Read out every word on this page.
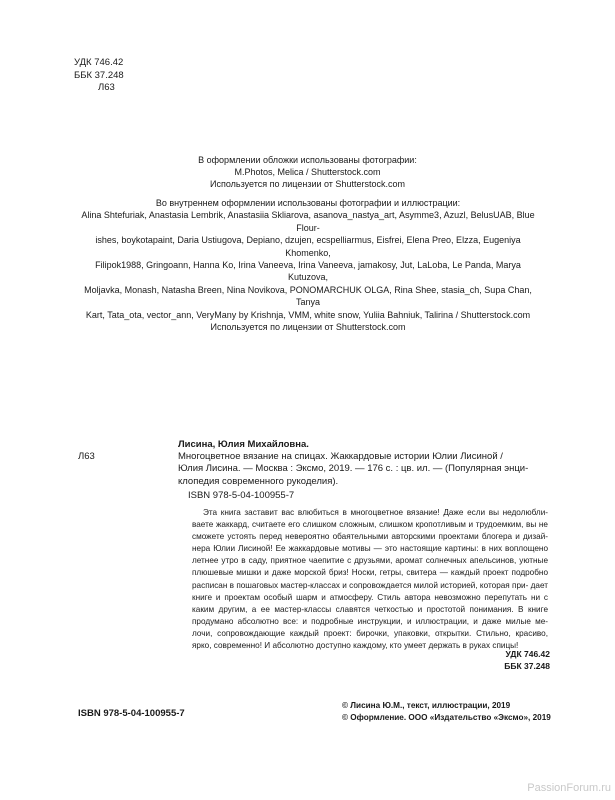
УДК 746.42
ББК 37.248
Л63
В оформлении обложки использованы фотографии:
M.Photos, Melica / Shutterstock.com
Используется по лицензии от Shutterstock.com
Во внутреннем оформлении использованы фотографии и иллюстрации:
Alina Shtefuriak, Anastasia Lembrik, Anastasiia Skliarova, asanova_nastya_art, Asymme3, Azuzl, BelusUAB, Blue Flour-
ishes, boykotapaint, Daria Ustiugova, Depiano, dzujen, ecspelliarmus, Eisfrei, Elena Preo, Elzza, Eugeniya Khomenko,
Filipok1988, Gringoann, Hanna Ko, Irina Vaneeva, Irina Vaneeva, jamakosy, Jut, LaLoba, Le Panda, Marya Kutuzova,
Moljavka, Monash, Natasha Breen, Nina Novikova, PONOMARCHUK OLGA, Rina Shee, stasia_ch, Supa Chan, Tanya
Kart, Tata_ota, vector_ann, VeryMany by Krishnja, VMM, white snow, Yuliia Bahniuk, Talirina / Shutterstock.com
Используется по лицензии от Shutterstock.com
Лисина, Юлия Михайловна.
Л63	Многоцветное вязание на спицах. Жаккардовые истории Юлии Лисиной /
Юлия Лисина. — Москва : Эксмо, 2019. — 176 с. : цв. ил. — (Популярная энци-
клопедия современного рукоделия).
ISBN 978-5-04-100955-7
Эта книга заставит вас влюбиться в многоцветное вязание! Даже если вы недолюбли- ваете жаккард, считаете его слишком сложным, слишком кропотливым и трудоемким, вы не сможете устоять перед невероятно обаятельными авторскими проектами блогера и дизай- нера Юлии Лисиной! Ее жаккардовые мотивы — это настоящие картины: в них воплощено летнее утро в саду, приятное чаепитие с друзьями, аромат солнечных апельсинов, уютные плюшевые мишки и даже морской бриз! Носки, гетры, свитера — каждый проект подробно расписан в пошаговых мастер-классах и сопровождается милой историей, которая при- дает книге и проектам особый шарм и атмосферу. Стиль автора невозможно перепутать ни с каким другим, а ее мастер-классы славятся четкостью и простотой понимания. В книге продумано абсолютно все: и подробные инструкции, и иллюстрации, и даже милые ме- лочи, сопровождающие каждый проект: бирочки, упаковки, открытки. Стильно, красиво, ярко, современно! И абсолютно доступно каждому, кто умеет держать в руках спицы!
УДК 746.42
ББК 37.248
ISBN 978-5-04-100955-7
© Лисина Ю.М., текст, иллюстрации, 2019
© Оформление. ООО «Издательство «Эксмо», 2019
PassionForum.ru
